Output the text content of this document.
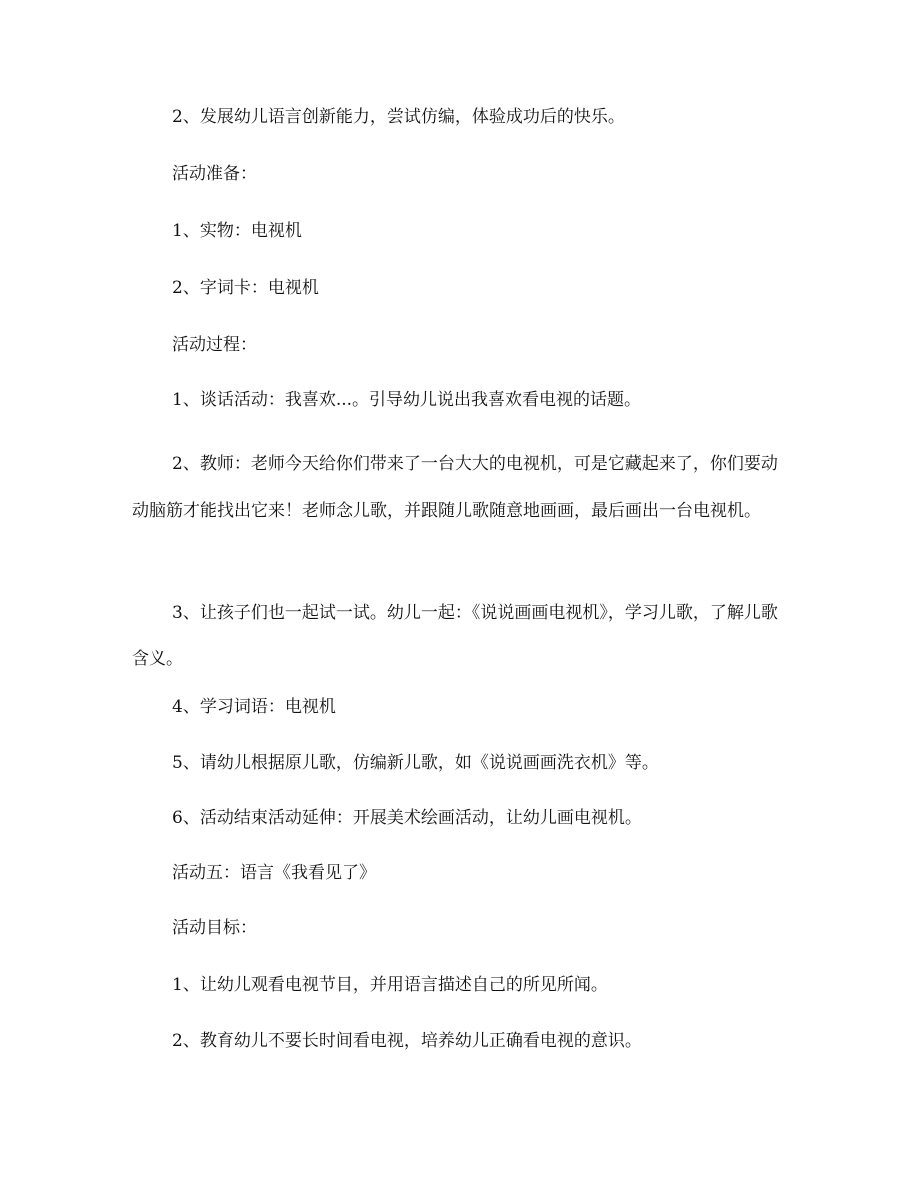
2、发展幼儿语言创新能力，尝试仿编，体验成功后的快乐。

活动准备：

1、实物：电视机

2、字词卡：电视机

活动过程：

1、谈话活动：我喜欢...。引导幼儿说出我喜欢看电视的话题。

2、教师：老师今天给你们带来了一台大大的电视机，可是它藏起来了，你们要动动脑筋才能找出它来！老师念儿歌，并跟随儿歌随意地画画，最后画出一台电视机。

3、让孩子们也一起试一试。幼儿一起：《说说画画电视机》，学习儿歌，了解儿歌含义。

4、学习词语：电视机

5、请幼儿根据原儿歌，仿编新儿歌，如《说说画画洗衣机》等。

6、活动结束活动延伸：开展美术绘画活动，让幼儿画电视机。

活动五：语言《我看见了》

活动目标：

1、让幼儿观看电视节目，并用语言描述自己的所见所闻。

2、教育幼儿不要长时间看电视，培养幼儿正确看电视的意识。
